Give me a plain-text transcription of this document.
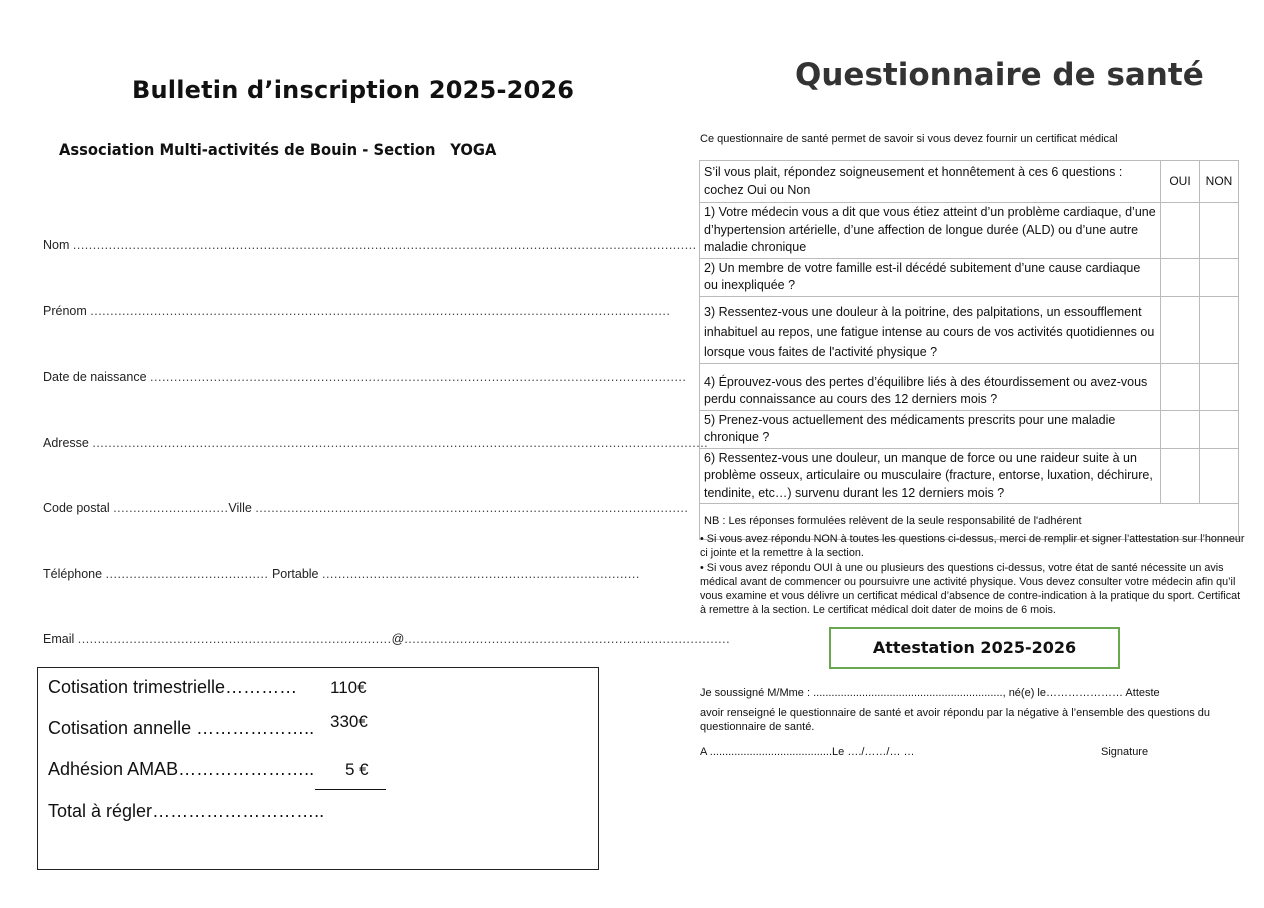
Bulletin d’inscription 2025-2026
Association Multi-activités de Bouin - Section YOGA
Nom .............................................................................................................................................................
Prénom ..................................................................................................................................................
Date de naissance .......................................................................................................................................
Adresse ...........................................................................................................................................................
Code postal .............................Ville .............................................................................................................
Téléphone ......................................... Portable ................................................................................
Email ...............................................................................@..................................................................................
Cotisation trimestrielle………… 110€
Cotisation annelle ……………….. 330€
Adhésion AMAB………………….. 5 €
Total à régler………………………..
Questionnaire de santé
Ce questionnaire de santé permet de savoir si vous devez fournir un certificat médical
S’il vous plait, répondez soigneusement et honnêtement à ces 6 questions : cochez Oui ou Non	OUI	NON
1) Votre médecin vous a dit que vous étiez atteint d’un problème cardiaque, d’une d’hypertension artérielle, d’une affection de longue durée (ALD) ou d’une autre maladie chronique		
2) Un membre de votre famille est-il décédé subitement d’une cause cardiaque ou inexpliquée ?		
3) Ressentez-vous une douleur à la poitrine, des palpitations, un essoufflement inhabituel au repos, une fatigue intense au cours de vos activités quotidiennes ou lorsque vous faites de l'activité physique ?		
4) Éprouvez-vous des pertes d’équilibre liés à des étourdissement ou avez-vous perdu connaissance au cours des 12 derniers mois ?		
5) Prenez-vous actuellement des médicaments prescrits pour une maladie chronique ?		
6) Ressentez-vous une douleur, un manque de force ou une raideur suite à un problème osseux, articulaire ou musculaire (fracture, entorse, luxation, déchirure, tendinite, etc…) survenu durant les 12 derniers mois ?		
NB : Les réponses formulées relèvent de la seule responsabilité de l'adhérent		

• Si vous avez répondu NON à toutes les questions ci-dessus, merci de remplir et signer l’attestation sur l’honneur ci jointe et la remettre à la section.

• Si vous avez répondu OUI à une ou plusieurs des questions ci-dessus, votre état de santé nécessite un avis médical avant de commencer ou poursuivre une activité physique. Vous devez consulter votre médecin afin qu’il vous examine et vous délivre un certificat médical d’absence de contre-indication à la pratique du sport. Certificat à remettre à la section. Le certificat médical doit dater de moins de 6 mois.

Attestation 2025-2026
Je soussigné M/Mme : .............................................................., né(e) le………………… Atteste
avoir renseigné le questionnaire de santé et avoir répondu par la négative à l’ensemble des questions du questionnaire de santé.
A ........................................Le …./……/… …	Signature
